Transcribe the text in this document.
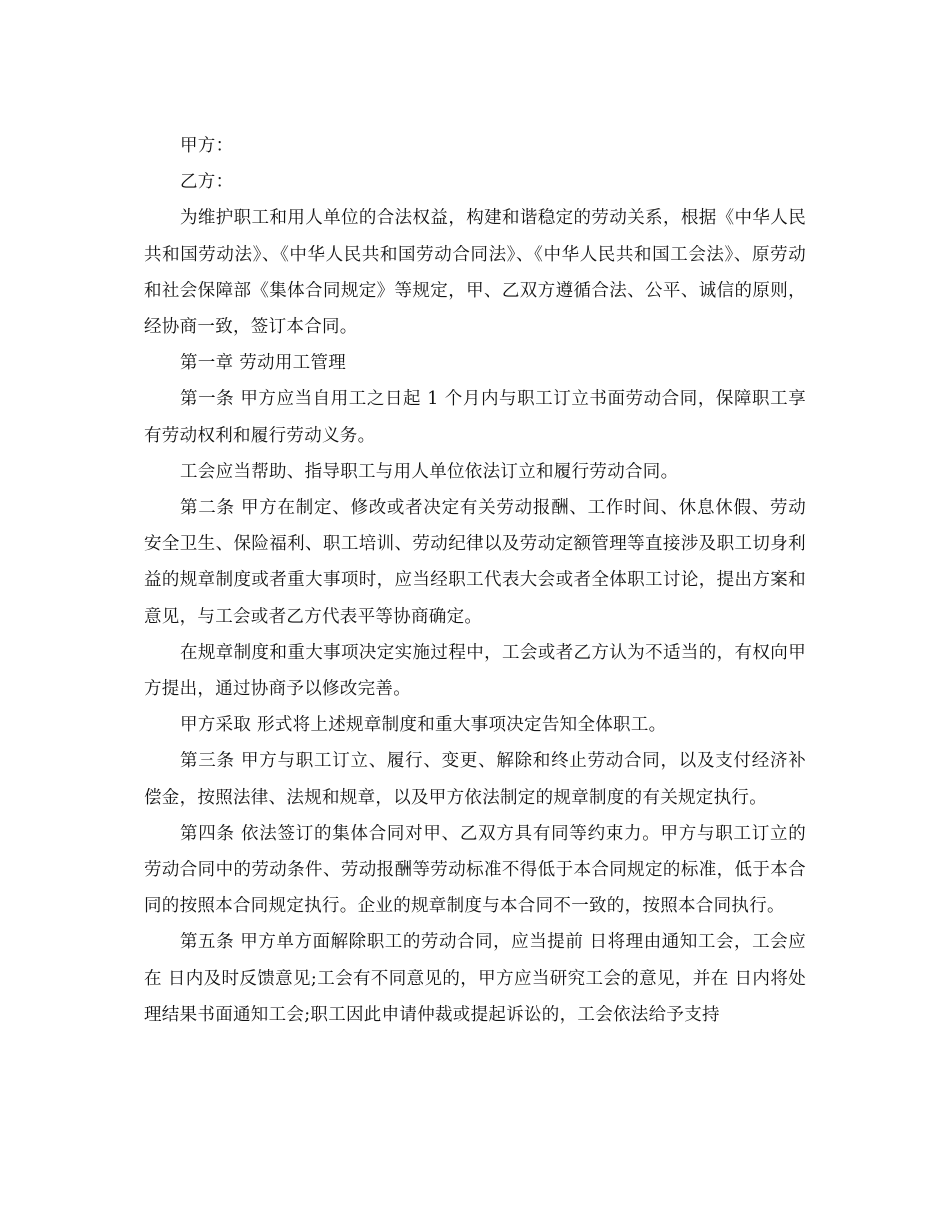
甲方：

乙方：

为维护职工和用人单位的合法权益，构建和谐稳定的劳动关系，根据《中华人民共和国劳动法》、《中华人民共和国劳动合同法》、《中华人民共和国工会法》、原劳动和社会保障部《集体合同规定》等规定，甲、乙双方遵循合法、公平、诚信的原则，经协商一致，签订本合同。

第一章 劳动用工管理

第一条 甲方应当自用工之日起 1 个月内与职工订立书面劳动合同，保障职工享有劳动权利和履行劳动义务。

工会应当帮助、指导职工与用人单位依法订立和履行劳动合同。

第二条 甲方在制定、修改或者决定有关劳动报酬、工作时间、休息休假、劳动安全卫生、保险福利、职工培训、劳动纪律以及劳动定额管理等直接涉及职工切身利益的规章制度或者重大事项时，应当经职工代表大会或者全体职工讨论，提出方案和意见，与工会或者乙方代表平等协商确定。

在规章制度和重大事项决定实施过程中，工会或者乙方认为不适当的，有权向甲方提出，通过协商予以修改完善。

甲方采取 形式将上述规章制度和重大事项决定告知全体职工。

第三条 甲方与职工订立、履行、变更、解除和终止劳动合同，以及支付经济补偿金，按照法律、法规和规章，以及甲方依法制定的规章制度的有关规定执行。

第四条 依法签订的集体合同对甲、乙双方具有同等约束力。甲方与职工订立的劳动合同中的劳动条件、劳动报酬等劳动标准不得低于本合同规定的标准，低于本合同的按照本合同规定执行。企业的规章制度与本合同不一致的，按照本合同执行。

第五条 甲方单方面解除职工的劳动合同，应当提前 日将理由通知工会，工会应在 日内及时反馈意见;工会有不同意见的，甲方应当研究工会的意见，并在 日内将处理结果书面通知工会;职工因此申请仲裁或提起诉讼的，工会依法给予支持
